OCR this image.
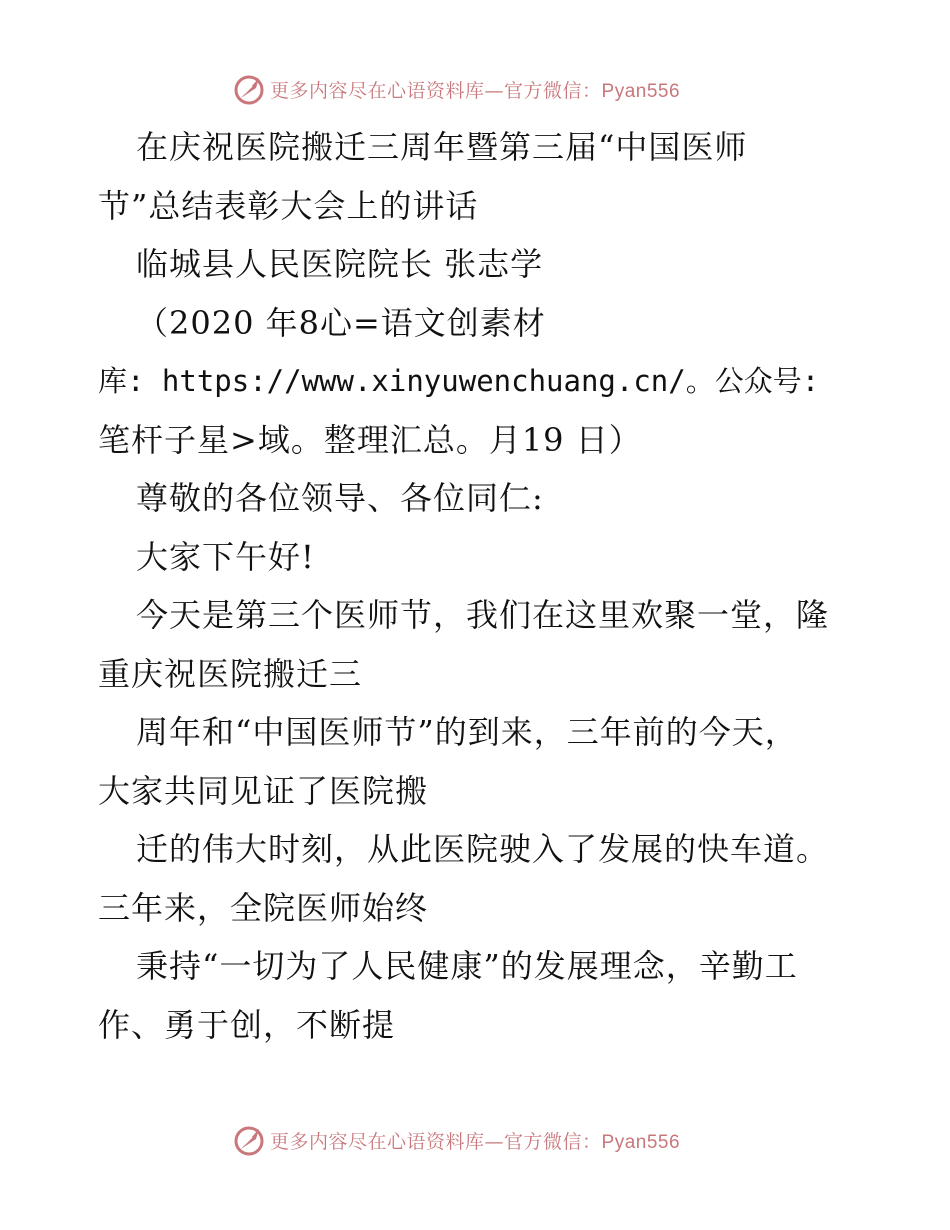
更多内容尽在心语资料库—官方微信：Pyan556
在庆祝医院搬迁三周年暨第三届“中国医师
节”总结表彰大会上的讲话
临城县人民医院院长 张志学
（2020 年8心=语文创素材
库: https://www.xinyuwenchuang.cn/。公众号:
笔杆子星>域。整理汇总。月19 日）
尊敬的各位领导、各位同仁:
大家下午好!
今天是第三个医师节，我们在这里欢聚一堂，隆
重庆祝医院搬迁三
周年和“中国医师节”的到来，三年前的今天，
大家共同见证了医院搬
迁的伟大时刻，从此医院驶入了发展的快车道。
三年来，全院医师始终
秉持“一切为了人民健康”的发展理念，辛勤工
作、勇于创，不断提
更多内容尽在心语资料库—官方微信：Pyan556
